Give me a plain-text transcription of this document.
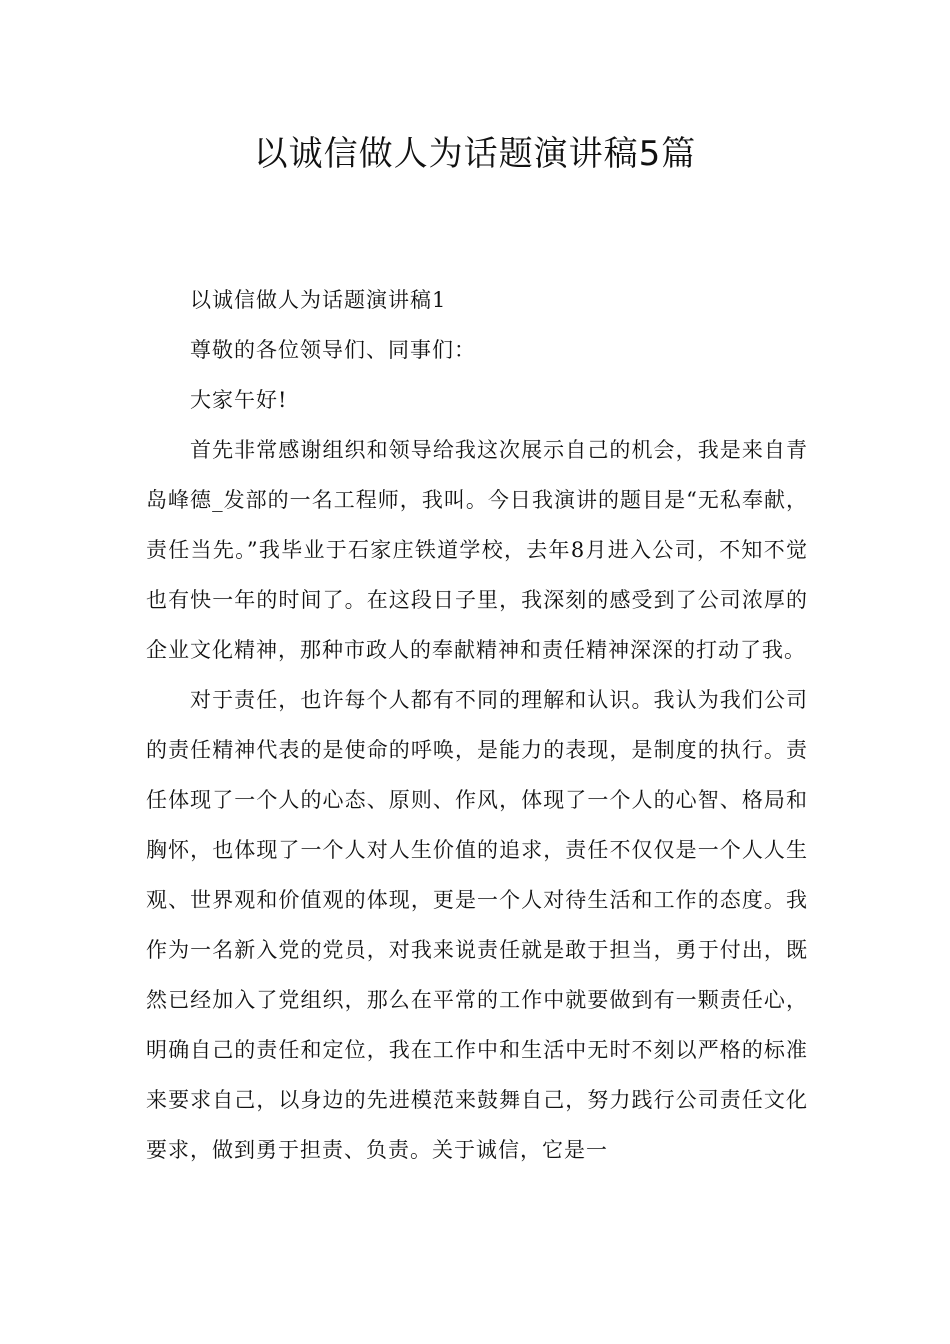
以诚信做人为话题演讲稿5篇

以诚信做人为话题演讲稿1

尊敬的各位领导们、同事们：

大家午好!

首先非常感谢组织和领导给我这次展示自己的机会，我是来自青岛峰德_发部的一名工程师，我叫。今日我演讲的题目是“无私奉献，责任当先。”我毕业于石家庄铁道学校，去年8月进入公司，不知不觉也有快一年的时间了。在这段日子里，我深刻的感受到了公司浓厚的企业文化精神，那种市政人的奉献精神和责任精神深深的打动了我。

对于责任，也许每个人都有不同的理解和认识。我认为我们公司的责任精神代表的是使命的呼唤，是能力的表现，是制度的执行。责任体现了一个人的心态、原则、作风，体现了一个人的心智、格局和胸怀，也体现了一个人对人生价值的追求，责任不仅仅是一个人人生观、世界观和价值观的体现，更是一个人对待生活和工作的态度。我作为一名新入党的党员，对我来说责任就是敢于担当，勇于付出，既然已经加入了党组织，那么在平常的工作中就要做到有一颗责任心，明确自己的责任和定位，我在工作中和生活中无时不刻以严格的标准来要求自己，以身边的先进模范来鼓舞自己，努力践行公司责任文化要求，做到勇于担责、负责。关于诚信，它是一
